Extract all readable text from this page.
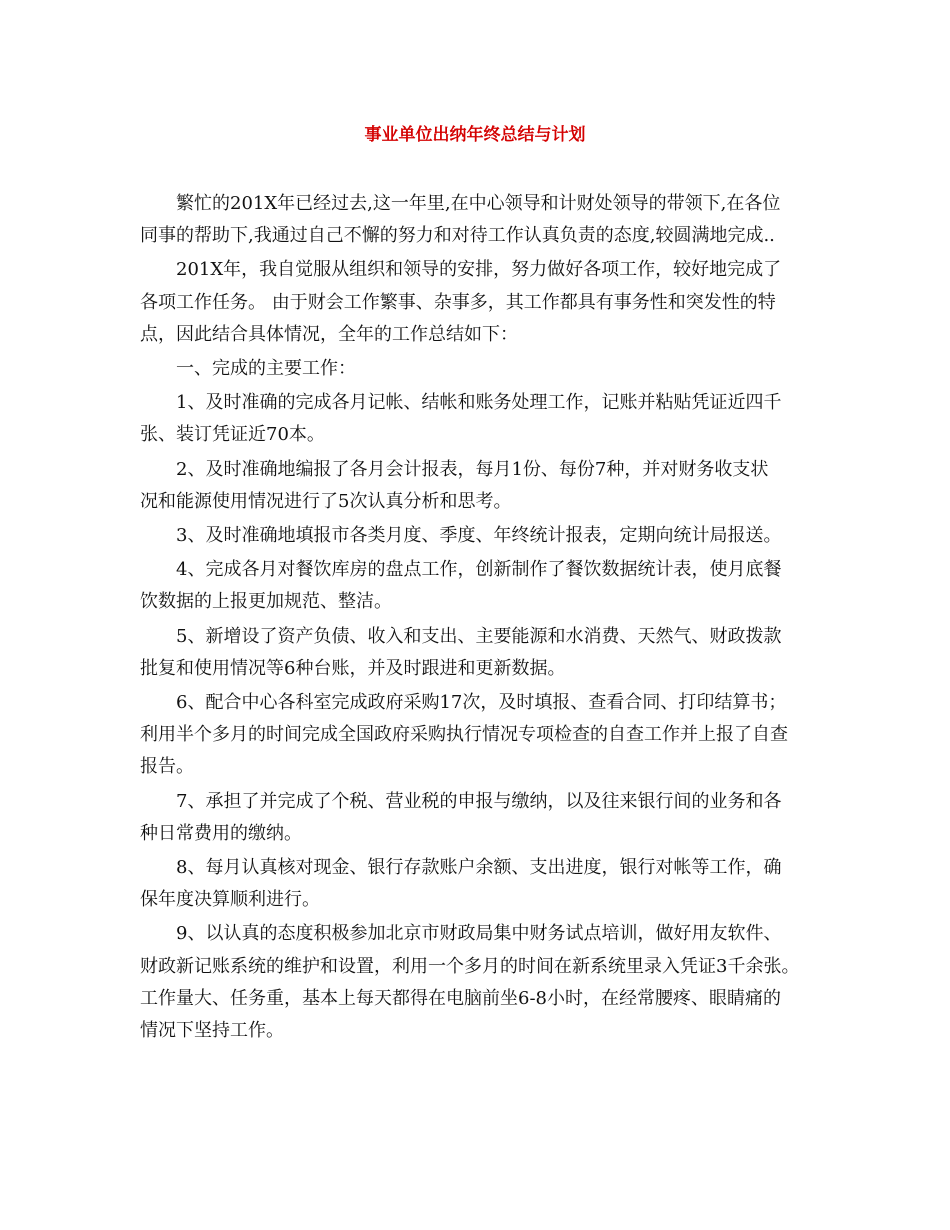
事业单位出纳年终总结与计划

繁忙的201X年已经过去,这一年里,在中心领导和计财处领导的带领下,在各位
同事的帮助下,我通过自己不懈的努力和对待工作认真负责的态度,较圆满地完成..

201X年，我自觉服从组织和领导的安排，努力做好各项工作，较好地完成了
各项工作任务。 由于财会工作繁事、杂事多，其工作都具有事务性和突发性的特
点，因此结合具体情况，全年的工作总结如下：

一、完成的主要工作：

1、及时准确的完成各月记帐、结帐和账务处理工作，记账并粘贴凭证近四千
张、装订凭证近70本。

2、及时准确地编报了各月会计报表，每月1份、每份7种，并对财务收支状
况和能源使用情况进行了5次认真分析和思考。

3、及时准确地填报市各类月度、季度、年终统计报表，定期向统计局报送。

4、完成各月对餐饮库房的盘点工作，创新制作了餐饮数据统计表，使月底餐
饮数据的上报更加规范、整洁。

5、新增设了资产负债、收入和支出、主要能源和水消费、天然气、财政拨款
批复和使用情况等6种台账，并及时跟进和更新数据。

6、配合中心各科室完成政府采购17次，及时填报、查看合同、打印结算书；
利用半个多月的时间完成全国政府采购执行情况专项检查的自查工作并上报了自查
报告。

7、承担了并完成了个税、营业税的申报与缴纳，以及往来银行间的业务和各
种日常费用的缴纳。

8、每月认真核对现金、银行存款账户余额、支出进度，银行对帐等工作，确
保年度决算顺利进行。

9、以认真的态度积极参加北京市财政局集中财务试点培训，做好用友软件、
财政新记账系统的维护和设置，利用一个多月的时间在新系统里录入凭证3千余张。
工作量大、任务重，基本上每天都得在电脑前坐6-8小时，在经常腰疼、眼睛痛的
情况下坚持工作。
